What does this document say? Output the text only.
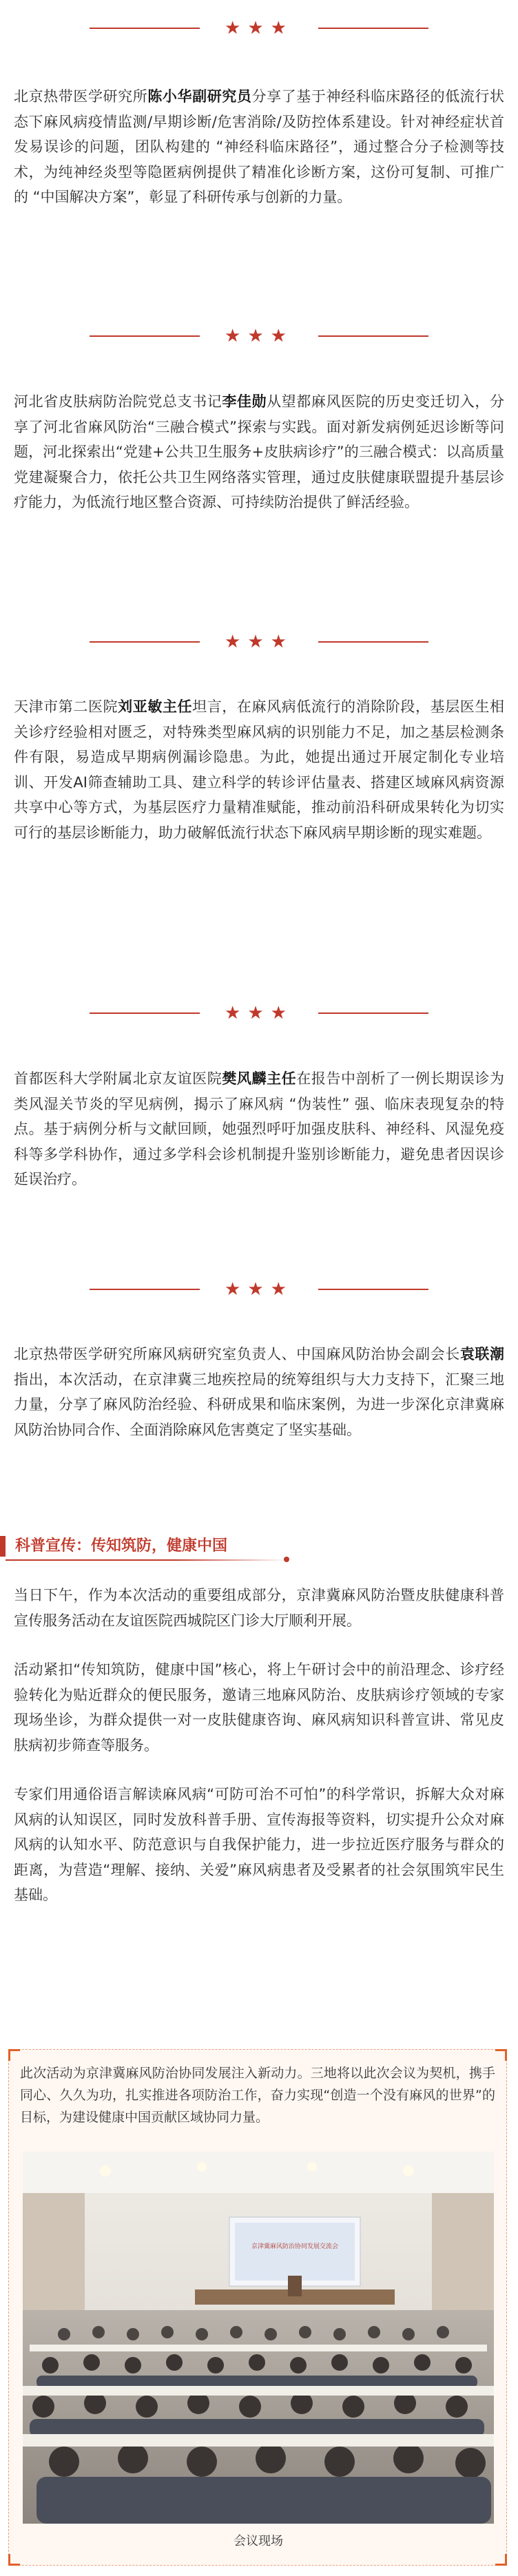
★★★
北京热带医学研究所陈小华副研究员分享了基于神经科临床路径的低流行状态下麻风病疫情监测/早期诊断/危害消除/及防控体系建设。针对神经症状首发易误诊的问题，团队构建的 “神经科临床路径”，通过整合分子检测等技术，为纯神经炎型等隐匿病例提供了精准化诊断方案，这份可复制、可推广的 “中国解决方案”，彰显了科研传承与创新的力量。
★★★
河北省皮肤病防治院党总支书记李佳勋从望都麻风医院的历史变迁切入，分享了河北省麻风防治“三融合模式”探索与实践。面对新发病例延迟诊断等问题，河北探索出“党建+公共卫生服务+皮肤病诊疗”的三融合模式：以高质量党建凝聚合力，依托公共卫生网络落实管理，通过皮肤健康联盟提升基层诊疗能力，为低流行地区整合资源、可持续防治提供了鲜活经验。
★★★
天津市第二医院刘亚敏主任坦言，在麻风病低流行的消除阶段，基层医生相关诊疗经验相对匮乏，对特殊类型麻风病的识别能力不足，加之基层检测条件有限，易造成早期病例漏诊隐患。为此，她提出通过开展定制化专业培训、开发AI筛查辅助工具、建立科学的转诊评估量表、搭建区域麻风病资源共享中心等方式，为基层医疗力量精准赋能，推动前沿科研成果转化为切实可行的基层诊断能力，助力破解低流行状态下麻风病早期诊断的现实难题。
★★★
首都医科大学附属北京友谊医院樊风麟主任在报告中剖析了一例长期误诊为类风湿关节炎的罕见病例，揭示了麻风病 “伪装性” 强、临床表现复杂的特点。基于病例分析与文献回顾，她强烈呼吁加强皮肤科、神经科、风湿免疫科等多学科协作，通过多学科会诊机制提升鉴别诊断能力，避免患者因误诊延误治疗。
★★★
北京热带医学研究所麻风病研究室负责人、中国麻风防治协会副会长袁联潮指出，本次活动，在京津冀三地疾控局的统筹组织与大力支持下，汇聚三地力量，分享了麻风防治经验、科研成果和临床案例，为进一步深化京津冀麻风防治协同合作、全面消除麻风危害奠定了坚实基础。
科普宣传：传知筑防，健康中国
当日下午，作为本次活动的重要组成部分，京津冀麻风防治暨皮肤健康科普宣传服务活动在友谊医院西城院区门诊大厅顺利开展。
活动紧扣“传知筑防，健康中国”核心，将上午研讨会中的前沿理念、诊疗经验转化为贴近群众的便民服务，邀请三地麻风防治、皮肤病诊疗领域的专家现场坐诊，为群众提供一对一皮肤健康咨询、麻风病知识科普宣讲、常见皮肤病初步筛查等服务。
专家们用通俗语言解读麻风病“可防可治不可怕”的科学常识，拆解大众对麻风病的认知误区，同时发放科普手册、宣传海报等资料，切实提升公众对麻风病的认知水平、防范意识与自我保护能力，进一步拉近医疗服务与群众的距离，为营造“理解、接纳、关爱”麻风病患者及受累者的社会氛围筑牢民生基础。
此次活动为京津冀麻风防治协同发展注入新动力。三地将以此次会议为契机，携手同心、久久为功，扎实推进各项防治工作，奋力实现“创造一个没有麻风的世界”的目标，为建设健康中国贡献区域协同力量。
京津冀麻风防治协同发展交流会
会议现场
